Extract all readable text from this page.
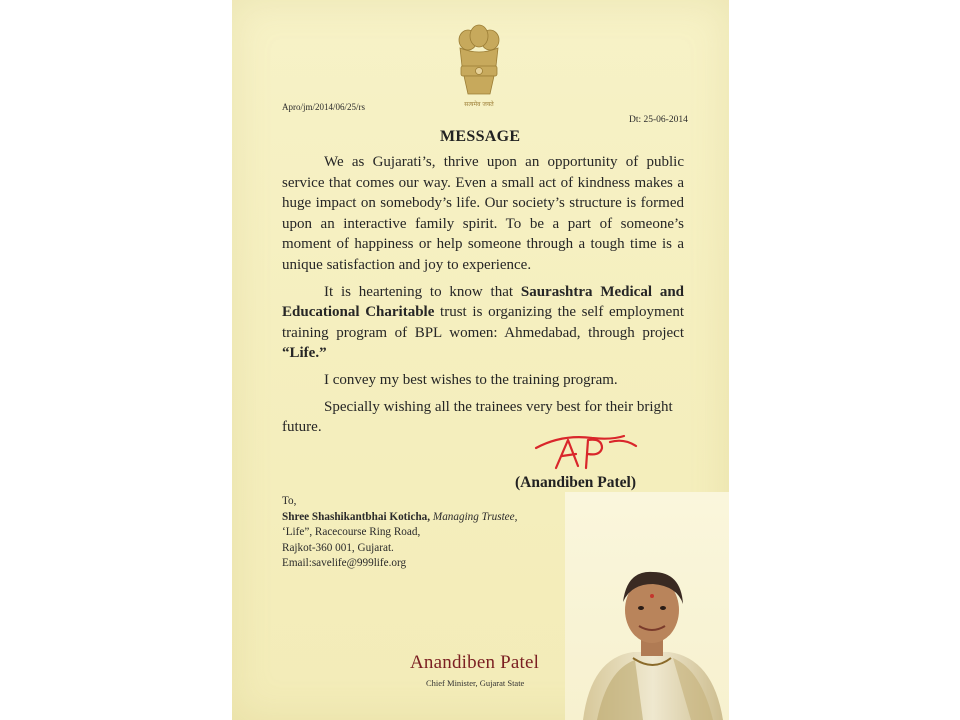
सत्यमेव जयते
Apro/jm/2014/06/25/rs
Dt: 25-06-2014
MESSAGE

We as Gujarati’s, thrive upon an opportunity of public service that comes our way. Even a small act of kindness makes a huge impact on somebody’s life. Our society’s structure is formed upon an interactive family spirit. To be a part of someone’s moment of happiness or help someone through a tough time is a unique satisfaction and joy to experience.

It is heartening to know that Saurashtra Medical and Educational Charitable trust is organizing the self employment training program of BPL women: Ahmedabad, through project “Life.”

I convey my best wishes to the training program.

Specially wishing all the trainees very best for their bright future.

(Anandiben Patel)
To,
Shree Shashikantbhai Koticha, Managing Trustee,
‘Life”, Racecourse Ring Road,
Rajkot-360 001, Gujarat.
Email:savelife@999life.org
Anandiben Patel
Chief Minister, Gujarat State
